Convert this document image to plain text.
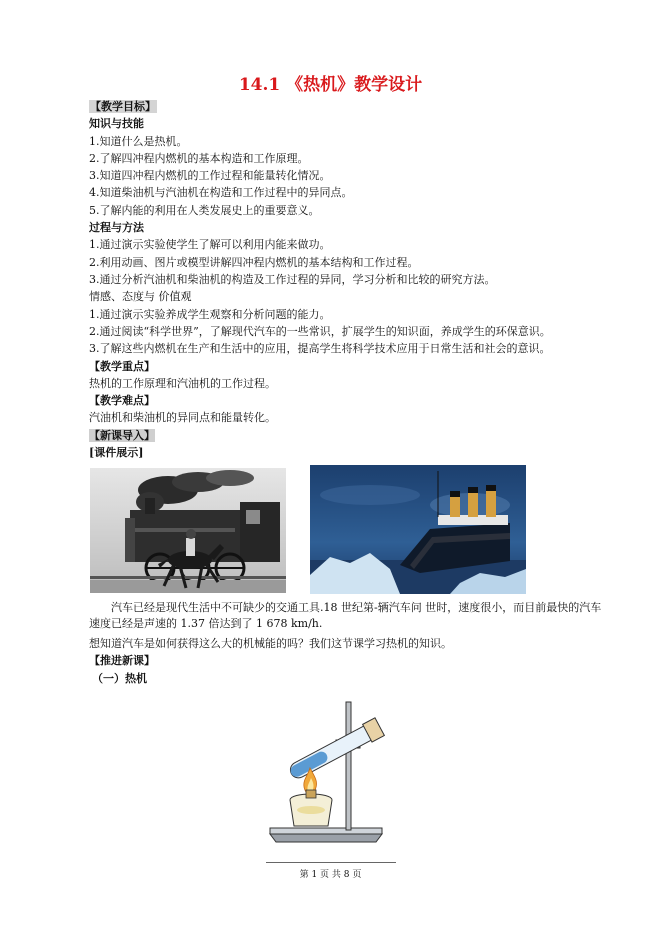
14.1 《热机》教学设计
【教学目标】
知识与技能
1.知道什么是热机。
2.了解四冲程内燃机的基本构造和工作原理。
3.知道四冲程内燃机的工作过程和能量转化情况。
4.知道柴油机与汽油机在构造和工作过程中的异同点。
5.了解内能的利用在人类发展史上的重要意义。
过程与方法
1.通过演示实验使学生了解可以利用内能来做功。
2.利用动画、图片或模型讲解四冲程内燃机的基本结构和工作过程。
3.通过分析汽油机和柴油机的构造及工作过程的异同，学习分析和比较的研究方法。
情感、态度与 价值观
1.通过演示实验养成学生观察和分析问题的能力。
2.通过阅读“科学世界”，了解现代汽车的一些常识，扩展学生的知识面，养成学生的环保意识。
3.了解这些内燃机在生产和生活中的应用，提高学生将科学技术应用于日常生活和社会的意识。
【教学重点】
热机的工作原理和汽油机的工作过程。
【教学难点】
汽油机和柴油机的异同点和能量转化。
【新课导入】
[课件展示]
汽车已经是现代生活中不可缺少的交通工具.18 世纪第-辆汽车问 世时，速度很小，而目前最快的汽车速度已经是声速的 1.37 倍达到了 1 678 km/h.
想知道汽车是如何获得这么大的机械能的吗？我们这节课学习热机的知识。
【推进新课】
（一）热机
第 1 页 共 8 页
